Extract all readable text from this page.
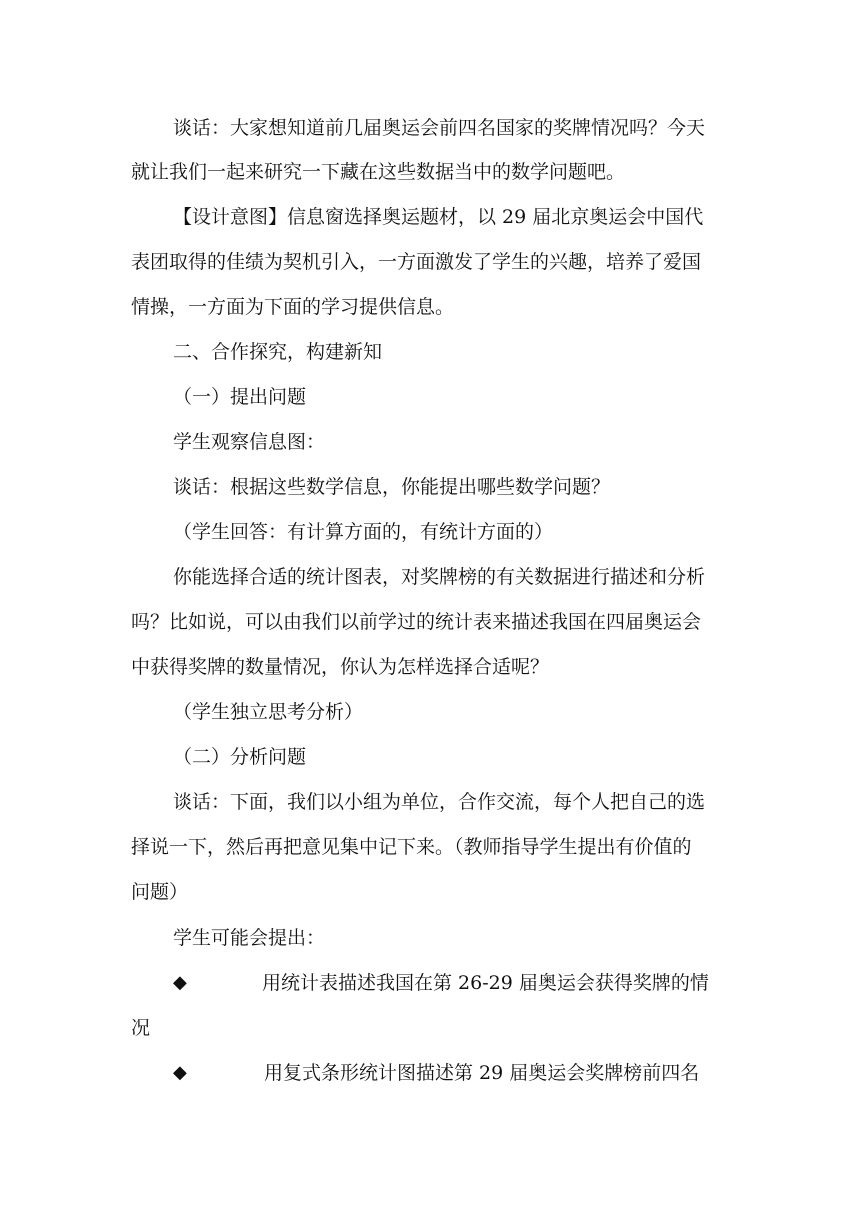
谈话：大家想知道前几届奥运会前四名国家的奖牌情况吗？今天
就让我们一起来研究一下藏在这些数据当中的数学问题吧。
【设计意图】信息窗选择奥运题材，以 29 届北京奥运会中国代
表团取得的佳绩为契机引入，一方面激发了学生的兴趣，培养了爱国
情操，一方面为下面的学习提供信息。
二、合作探究，构建新知
（一）提出问题
学生观察信息图：
谈话：根据这些数学信息，你能提出哪些数学问题？
（学生回答：有计算方面的，有统计方面的）
你能选择合适的统计图表，对奖牌榜的有关数据进行描述和分析
吗？比如说，可以由我们以前学过的统计表来描述我国在四届奥运会
中获得奖牌的数量情况，你认为怎样选择合适呢？
（学生独立思考分析）
（二）分析问题
谈话：下面，我们以小组为单位，合作交流，每个人把自己的选
择说一下，然后再把意见集中记下来。（教师指导学生提出有价值的
问题）
学生可能会提出：
◆	用统计表描述我国在第 26-29 届奥运会获得奖牌的情
况
◆	用复式条形统计图描述第 29 届奥运会奖牌榜前四名
